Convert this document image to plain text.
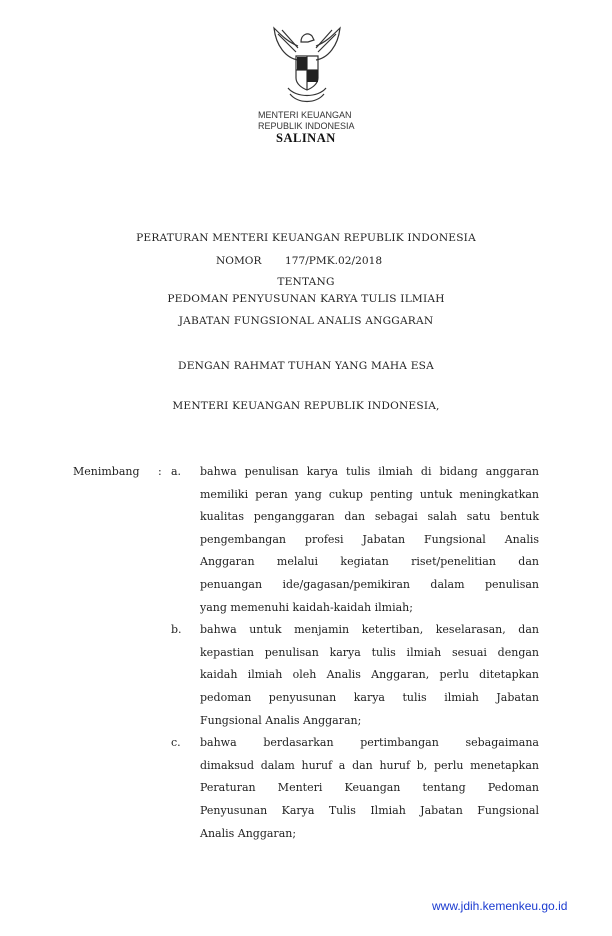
MENTERI KEUANGAN
REPUBLIK INDONESIA
SALINAN
PERATURAN MENTERI KEUANGAN REPUBLIK INDONESIA
NOMOR 177/PMK.02/2018
TENTANG
PEDOMAN PENYUSUNAN KARYA TULIS ILMIAH
JABATAN FUNGSIONAL ANALIS ANGGARAN
DENGAN RAHMAT TUHAN YANG MAHA ESA
MENTERI KEUANGAN REPUBLIK INDONESIA,
Menimbang : a. bahwa penulisan karya tulis ilmiah di bidang anggaran
memiliki peran yang cukup penting untuk meningkatkan
kualitas penganggaran dan sebagai salah satu bentuk
pengembangan profesi Jabatan Fungsional Analis
Anggaran melalui kegiatan riset/penelitian dan
penuangan ide/gagasan/pemikiran dalam penulisan
yang memenuhi kaidah-kaidah ilmiah;
b. bahwa untuk menjamin ketertiban, keselarasan, dan
kepastian penulisan karya tulis ilmiah sesuai dengan
kaidah ilmiah oleh Analis Anggaran, perlu ditetapkan
pedoman penyusunan karya tulis ilmiah Jabatan
Fungsional Analis Anggaran;
c. bahwa berdasarkan pertimbangan sebagaimana
dimaksud dalam huruf a dan huruf b, perlu menetapkan
Peraturan Menteri Keuangan tentang Pedoman
Penyusunan Karya Tulis Ilmiah Jabatan Fungsional
Analis Anggaran;
www.jdih.kemenkeu.go.id
